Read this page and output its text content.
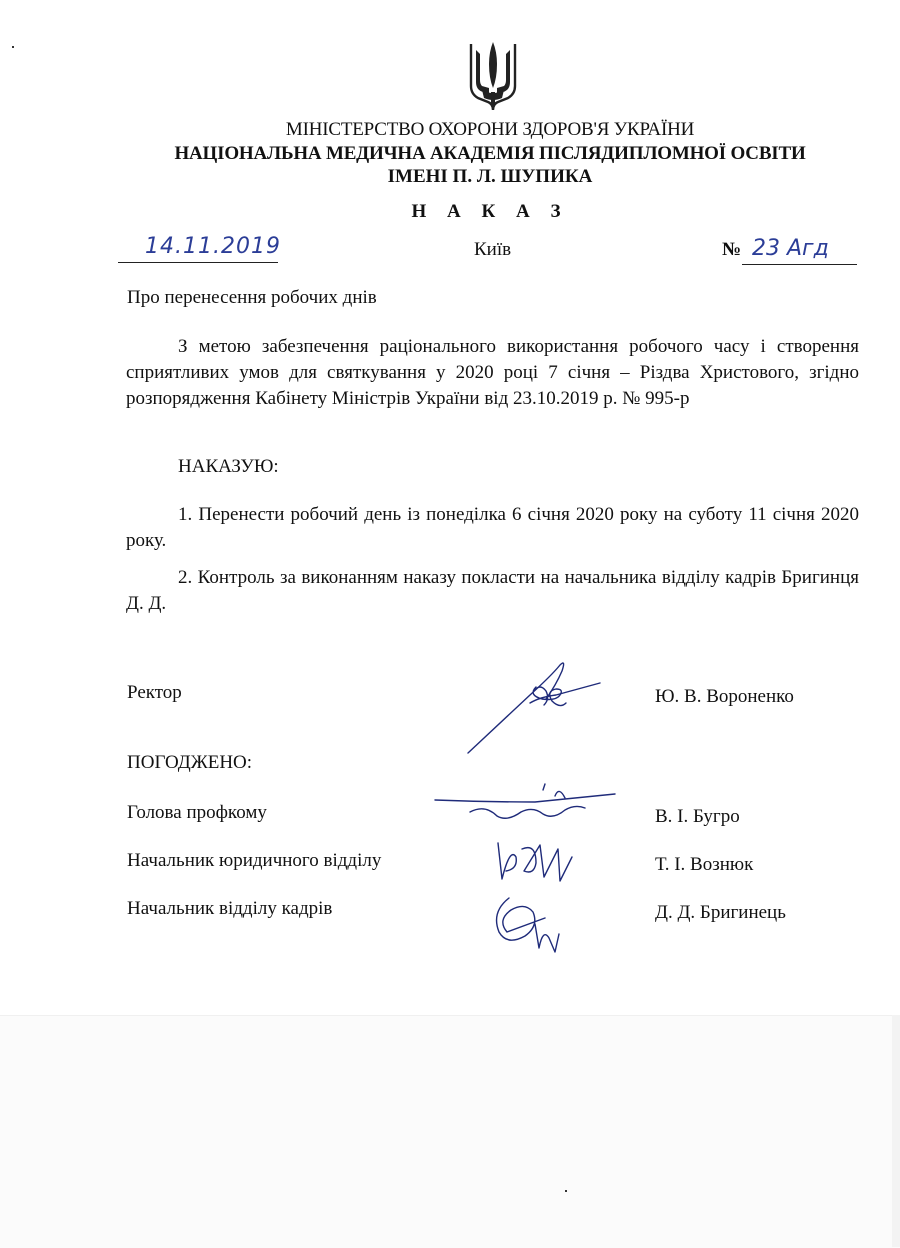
МІНІСТЕРСТВО ОХОРОНИ ЗДОРОВ'Я УКРАЇНИ
НАЦІОНАЛЬНА МЕДИЧНА АКАДЕМІЯ ПІСЛЯДИПЛОМНОЇ ОСВІТИ
ІМЕНІ П. Л. ШУПИКА
Н А К А З
14.11.2019	Київ	№ 23 Агд
Про перенесення робочих днів
З метою забезпечення раціонального використання робочого часу і створення сприятливих умов для святкування у 2020 році 7 січня – Різдва Христового, згідно розпорядження Кабінету Міністрів України від 23.10.2019 р. № 995-р
НАКАЗУЮ:
1. Перенести робочий день із понеділка 6 січня 2020 року на суботу 11 січня 2020 року.
2. Контроль за виконанням наказу покласти на начальника відділу кадрів Бригинця Д. Д.
Ректор	Ю. В. Вороненко
ПОГОДЖЕНО:
Голова профкому	В. І. Бугро
Начальник юридичного відділу	Т. І. Вознюк
Начальник відділу кадрів	Д. Д. Бригинець
